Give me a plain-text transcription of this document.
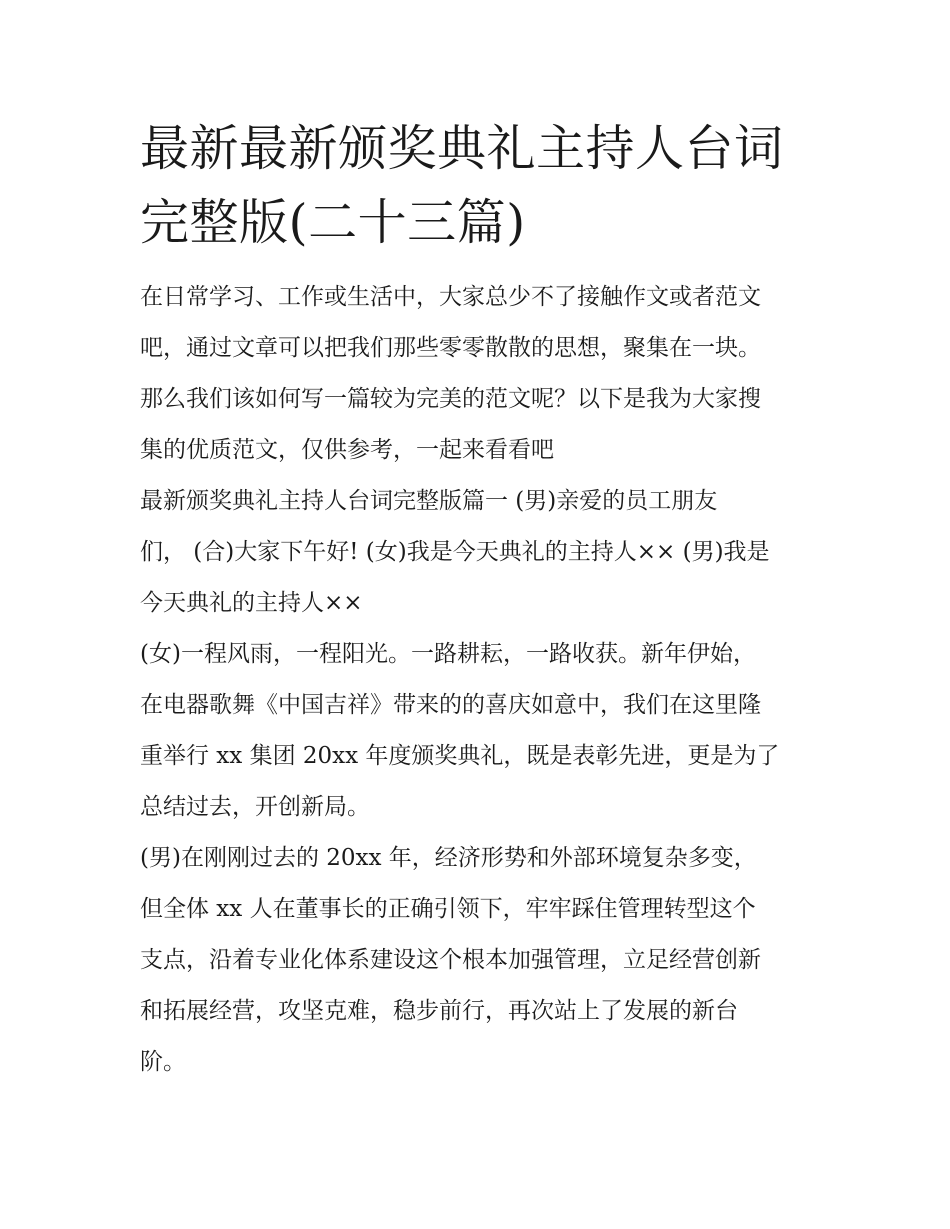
最新最新颁奖典礼主持人台词
完整版(二十三篇)

在日常学习、工作或生活中，大家总少不了接触作文或者范文
吧，通过文章可以把我们那些零零散散的思想，聚集在一块。
那么我们该如何写一篇较为完美的范文呢？以下是我为大家搜
集的优质范文，仅供参考，一起来看看吧

最新颁奖典礼主持人台词完整版篇一 (男)亲爱的员工朋友
们， (合)大家下午好! (女)我是今天典礼的主持人×× (男)我是
今天典礼的主持人××

(女)一程风雨，一程阳光。一路耕耘，一路收获。新年伊始，
在电器歌舞《中国吉祥》带来的的喜庆如意中，我们在这里隆
重举行 xx 集团 20xx 年度颁奖典礼，既是表彰先进，更是为了
总结过去，开创新局。

(男)在刚刚过去的 20xx 年，经济形势和外部环境复杂多变，
但全体 xx 人在董事长的正确引领下，牢牢踩住管理转型这个
支点，沿着专业化体系建设这个根本加强管理，立足经营创新
和拓展经营，攻坚克难，稳步前行，再次站上了发展的新台
阶。
